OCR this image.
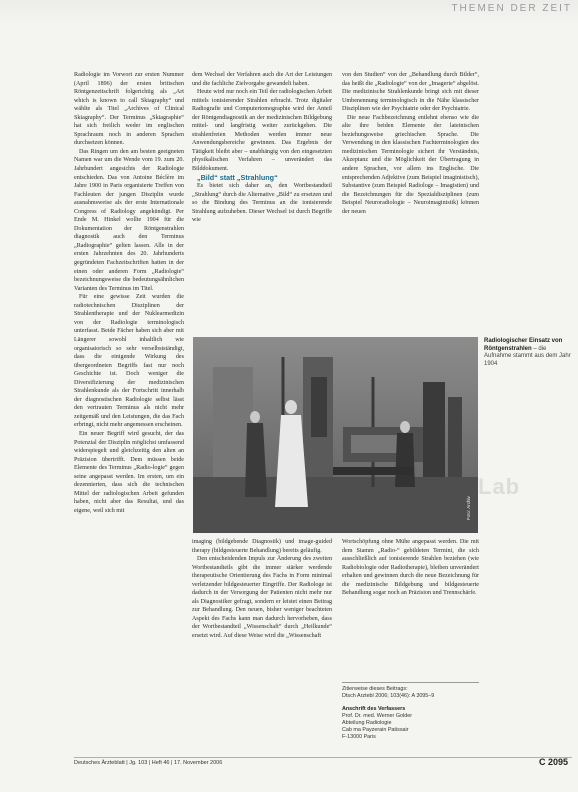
THEMEN DER ZEIT

Radiologie im Vorwort zur ersten Nummer (April 1896) der ersten britischen Röntgenzeitschrift folgerichtig als „Art which is known to call Skiagraphy“ und wählte als Titel „Archives of Clinical Skiagraphy“. Der Terminus „Skiagraphie“ hat sich freilich weder im englischen Sprachraum noch in anderen Sprachen durchsetzen können.

Das Ringen um den am besten geeigneten Namen war um die Wende vom 19. zum 20. Jahrhundert angesichts der Radiologie entschieden. Das von Antoine Béclère im Jahre 1900 in Paris organisierte Treffen von Fachleuten der jungen Disziplin wurde ausnahmsweise als der erste Internationale Congress of Radiology angekündigt. Per Ende M. Hinkel wollte 1904 für die Dokumentation der Röntgenstrahlen diagnostik auch den Terminus „Radiographie“ gelten lassen. Alle in der ersten Jahrzehnten des 20. Jahrhunderts gegründeten Fachzeitschriften hatten in der einen oder anderen Form „Radiologie“ bezeichnungsweise die bedeutungsähnlichen Varianten des Terminus im Titel.

Für eine gewisse Zeit wurden die radiotechnischen Disziplinen der Strahlentherapie und der Nuklearmedizin von der Radiologie terminologisch unterfasst. Beide Fächer haben sich aber mit Längerer sowohl inhaltlich wie organisatorisch so sehr verselbstständigt, dass die einigende Wirkung des übergeordneten Begriffs fast nur noch Geschichte ist. Doch weniger die Diversifizierung der medizinischen Strahlenkunde als der Fortschritt innerhalb der diagnostischen Radiologie selbst lässt den vertrauten Terminus als nicht mehr zeitgemäß und den Leistungen, die das Fach erbringt, nicht mehr angemessen erscheinen.

Ein neuer Begriff wird gesucht, der das Potenzial der Disziplin möglichst umfassend widerspiegelt und gleichzeitig den alten an Präzision übertrifft. Dem müssen beide Elemente des Terminus „Radio-logie“ gegen seine angepasst werden. Im ersten, um ein dezennierten, dass sich die technischen Mittel der radiologischen Arbeit gefunden haben, nicht aber das Resultat, und das eigene, weil sich mit

dem Wechsel der Verfahren auch die Art der Leistungen und die fachliche Zielvorgabe gewandelt haben.

Heute wird nur noch ein Teil der radiologischen Arbeit mittels ionisierender Strahlen erbracht. Trotz digitaler Radiografie und Computertomographie wird der Anteil der Röntgendiagnostik an der medizinischen Bildgebung mittel- und langfristig weiter zurückgehen. Die strahlenfreien Methoden werden immer neue Anwendungsbereiche gewinnen. Das Ergebnis der Tätigkeit bleibt aber – unabhängig von den eingesetzten physikalischen Verfahren – unverändert das Bilddokument.

„Bild“ statt „Strahlung“

Es bietet sich daher an, den Wortbestandteil „Strahlung“ durch die Alternative „Bild“ zu ersetzen und so die Bindung des Terminus an die ionisierende Strahlung aufzuheben. Dieser Wechsel ist durch Begriffe wie

von den Studien“ von der „Behandlung durch Bilder“, das heißt die „Radiologie“ von der „Imagerie“ abgelöst. Die medizinische Strahlenkunde bringt sich mit dieser Umbenennung terminologisch in die Nähe klassischer Disziplinen wie der Psychiatrie oder der Psychiatrie.

Die neue Fachbezeichnung entlehnt ebenso wie die alte ihre beiden Elemente der lateinischen beziehungsweise griechischen Sprache. Die Verwendung in den klassischen Fachterminologien des medizinischen Terminologie sichert ihr Verständnis, Akzeptanz und die Möglichkeit der Übertragung in andere Sprachen, vor allem ins Englische. Die entsprechenden Adjektive (zum Beispiel imaginistisch), Substantive (zum Beispiel Radiologe – Imagistien) und die Bezeichnungen für die Spezialdisziplinen (zum Beispiel Neuroradiologie – Neuroimaginistik) können der neuen

Foto: Archiv
Lab
Radiologischer Einsatz von Röntgenstrahlen – die Aufnahme stammt aus dem Jahr 1904

imaging (bildgebende Diagnostik) und image-guided therapy (bildgesteuerte Behandlung) bereits geläufig.

Den entscheidenden Impuls zur Änderung des zweiten Wortbestandteils gibt die immer stärker werdende therapeutische Orientierung des Fachs in Form minimal verletzender bildgesteuerter Eingriffe. Der Radiologe ist dadurch in der Versorgung der Patienten nicht mehr nur als Diagnostiker gefragt, sondern er leistet einen Beitrag zur Behandlung. Den neuen, bisher weniger beachteten Aspekt des Fachs kann man dadurch hervorheben, dass der Wortbestandteil „Wissenschaft“ durch „Heilkunde“ ersetzt wird. Auf diese Weise wird die „Wissenschaft

Wortschöpfung ohne Mühe angepasst werden. Die mit dem Stamm „Radio-“ gebildeten Termini, die sich ausschließlich auf ionisierende Strahlen beziehen (wie Radiobiologie oder Radiotherapie), bleiben unverändert erhalten und gewinnen durch die neue Bezeichnung für die medizinische Bildgebung und bildgesteuerte Behandlung sogar noch an Präzision und Trennschärfe.

Zitierweise dieses Beitrags:
Dtsch Arztebl 2006; 103(46): A 3095–9
Anschrift des Verfassers
Prof. Dr. med. Werner Golder
Abteilung Radiologie
Cab ma Payzerain Patissair
F-13000 Paris
Deutsches Ärzteblatt | Jg. 103 | Heft 46 | 17. November 2006	C 2095
